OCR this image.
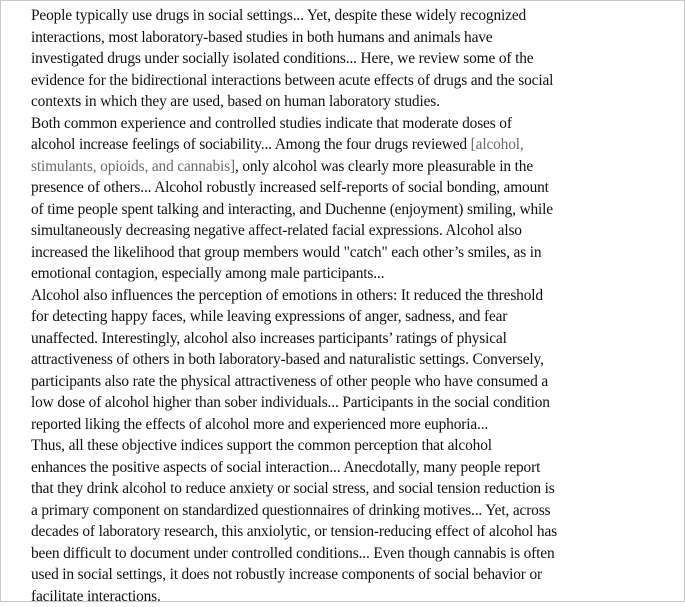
People typically use drugs in social settings... Yet, despite these widely recognized
interactions, most laboratory-based studies in both humans and animals have
investigated drugs under socially isolated conditions... Here, we review some of the
evidence for the bidirectional interactions between acute effects of drugs and the social
contexts in which they are used, based on human laboratory studies.

Both common experience and controlled studies indicate that moderate doses of
alcohol increase feelings of sociability... Among the four drugs reviewed [alcohol,
stimulants, opioids, and cannabis], only alcohol was clearly more pleasurable in the
presence of others... Alcohol robustly increased self-reports of social bonding, amount
of time people spent talking and interacting, and Duchenne (enjoyment) smiling, while
simultaneously decreasing negative affect-related facial expressions. Alcohol also
increased the likelihood that group members would "catch" each other’s smiles, as in
emotional contagion, especially among male participants...

Alcohol also influences the perception of emotions in others: It reduced the threshold
for detecting happy faces, while leaving expressions of anger, sadness, and fear
unaffected. Interestingly, alcohol also increases participants’ ratings of physical
attractiveness of others in both laboratory-based and naturalistic settings. Conversely,
participants also rate the physical attractiveness of other people who have consumed a
low dose of alcohol higher than sober individuals... Participants in the social condition
reported liking the effects of alcohol more and experienced more euphoria...

Thus, all these objective indices support the common perception that alcohol
enhances the positive aspects of social interaction... Anecdotally, many people report
that they drink alcohol to reduce anxiety or social stress, and social tension reduction is
a primary component on standardized questionnaires of drinking motives... Yet, across
decades of laboratory research, this anxiolytic, or tension-reducing effect of alcohol has
been difficult to document under controlled conditions... Even though cannabis is often
used in social settings, it does not robustly increase components of social behavior or
facilitate interactions.
